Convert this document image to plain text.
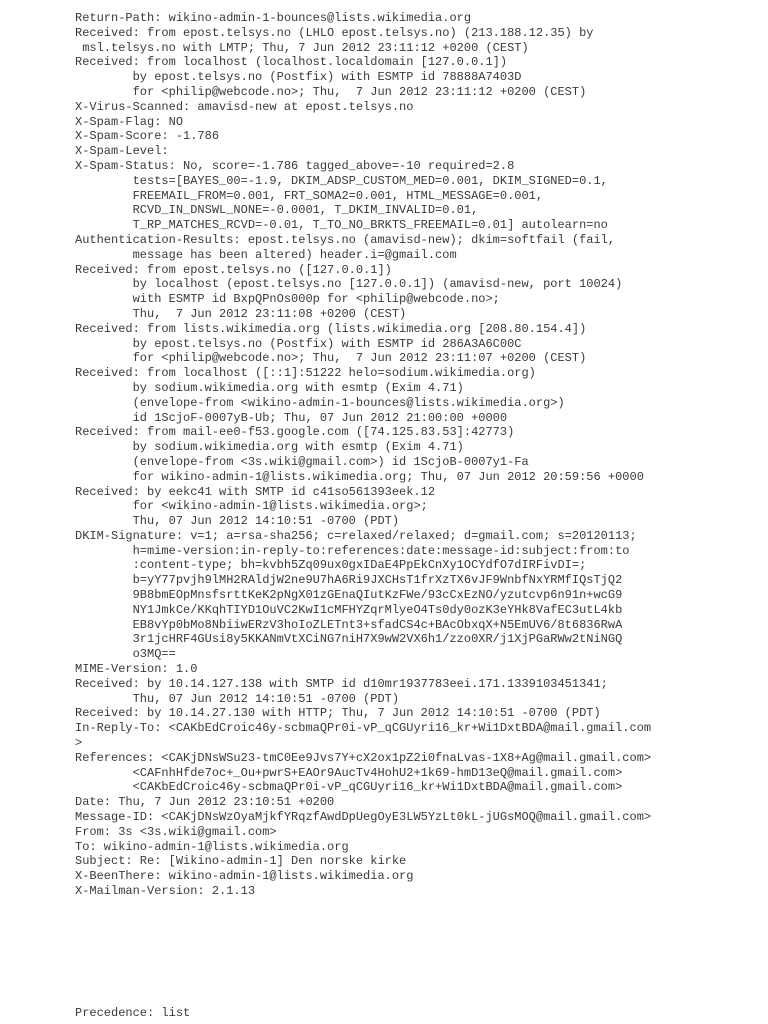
Return-Path: wikino-admin-1-bounces@lists.wikimedia.org
Received: from epost.telsys.no (LHLO epost.telsys.no) (213.188.12.35) by
msl.telsys.no with LMTP; Thu, 7 Jun 2012 23:11:12 +0200 (CEST)
Received: from localhost (localhost.localdomain [127.0.0.1])
by epost.telsys.no (Postfix) with ESMTP id 78888A7403D
for <philip@webcode.no>; Thu,  7 Jun 2012 23:11:12 +0200 (CEST)
X-Virus-Scanned: amavisd-new at epost.telsys.no
X-Spam-Flag: NO
X-Spam-Score: -1.786
X-Spam-Level:
X-Spam-Status: No, score=-1.786 tagged_above=-10 required=2.8
tests=[BAYES_00=-1.9, DKIM_ADSP_CUSTOM_MED=0.001, DKIM_SIGNED=0.1,
FREEMAIL_FROM=0.001, FRT_SOMA2=0.001, HTML_MESSAGE=0.001,
RCVD_IN_DNSWL_NONE=-0.0001, T_DKIM_INVALID=0.01,
T_RP_MATCHES_RCVD=-0.01, T_TO_NO_BRKTS_FREEMAIL=0.01] autolearn=no
Authentication-Results: epost.telsys.no (amavisd-new); dkim=softfail (fail,
message has been altered) header.i=@gmail.com
Received: from epost.telsys.no ([127.0.0.1])
by localhost (epost.telsys.no [127.0.0.1]) (amavisd-new, port 10024)
with ESMTP id BxpQPnOs000p for <philip@webcode.no>;
Thu,  7 Jun 2012 23:11:08 +0200 (CEST)
Received: from lists.wikimedia.org (lists.wikimedia.org [208.80.154.4])
by epost.telsys.no (Postfix) with ESMTP id 286A3A6C00C
for <philip@webcode.no>; Thu,  7 Jun 2012 23:11:07 +0200 (CEST)
Received: from localhost ([::1]:51222 helo=sodium.wikimedia.org)
by sodium.wikimedia.org with esmtp (Exim 4.71)
(envelope-from <wikino-admin-1-bounces@lists.wikimedia.org>)
id 1ScjoF-0007yB-Ub; Thu, 07 Jun 2012 21:00:00 +0000
Received: from mail-ee0-f53.google.com ([74.125.83.53]:42773)
by sodium.wikimedia.org with esmtp (Exim 4.71)
(envelope-from <3s.wiki@gmail.com>) id 1ScjoB-0007y1-Fa
for wikino-admin-1@lists.wikimedia.org; Thu, 07 Jun 2012 20:59:56 +0000
Received: by eekc41 with SMTP id c41so561393eek.12
for <wikino-admin-1@lists.wikimedia.org>;
Thu, 07 Jun 2012 14:10:51 -0700 (PDT)
DKIM-Signature: v=1; a=rsa-sha256; c=relaxed/relaxed; d=gmail.com; s=20120113;
h=mime-version:in-reply-to:references:date:message-id:subject:from:to
:content-type; bh=kvbh5Zq09ux0gxIDaE4PpEkCnXy1OCYdfO7dIRFivDI=;
b=yY77pvjh9lMH2RAldjW2ne9U7hA6Ri9JXCHsT1frXzTX6vJF9WnbfNxYRMfIQsTjQ2
9B8bmEOpMnsfsrttKeK2pNgX01zGEnaQIutKzFWe/93cCxEzNO/yzutcvp6n91n+wcG9
NY1JmkCe/KKqhTIYD1OuVC2KwI1cMFHYZqrMlyeO4Ts0dy0ozK3eYHk8VafEC3utL4kb
EB8vYp0bMo8NbiiwERzV3hoIoZLETnt3+sfadCS4c+BAcObxqX+N5EmUV6/8t6836RwA
3r1jcHRF4GUsi8y5KKANmVtXCiNG7niH7X9wW2VX6h1/zzo0XR/j1XjPGaRWw2tNiNGQ
o3MQ==
MIME-Version: 1.0
Received: by 10.14.127.138 with SMTP id d10mr1937783eei.171.1339103451341;
Thu, 07 Jun 2012 14:10:51 -0700 (PDT)
Received: by 10.14.27.130 with HTTP; Thu, 7 Jun 2012 14:10:51 -0700 (PDT)
In-Reply-To: <CAKbEdCroic46y-scbmaQPr0i-vP_qCGUyri16_kr+Wi1DxtBDA@mail.gmail.com
>
References: <CAKjDNsWSu23-tmC0Ee9Jvs7Y+cX2ox1pZ2i0fnaLvas-1X8+Ag@mail.gmail.com>
<CAFnhHfde7oc+_Ou+pwrS+EAOr9AucTv4HohU2+1k69-hmD13eQ@mail.gmail.com>
<CAKbEdCroic46y-scbmaQPr0i-vP_qCGUyri16_kr+Wi1DxtBDA@mail.gmail.com>
Date: Thu, 7 Jun 2012 23:10:51 +0200
Message-ID: <CAKjDNsWzOyaMjkfYRqzfAwdDpUegOyE3LW5YzLt0kL-jUGsMOQ@mail.gmail.com>
From: 3s <3s.wiki@gmail.com>
To: wikino-admin-1@lists.wikimedia.org
Subject: Re: [Wikino-admin-1] Den norske kirke
X-BeenThere: wikino-admin-1@lists.wikimedia.org
X-Mailman-Version: 2.1.13
Precedence: list
